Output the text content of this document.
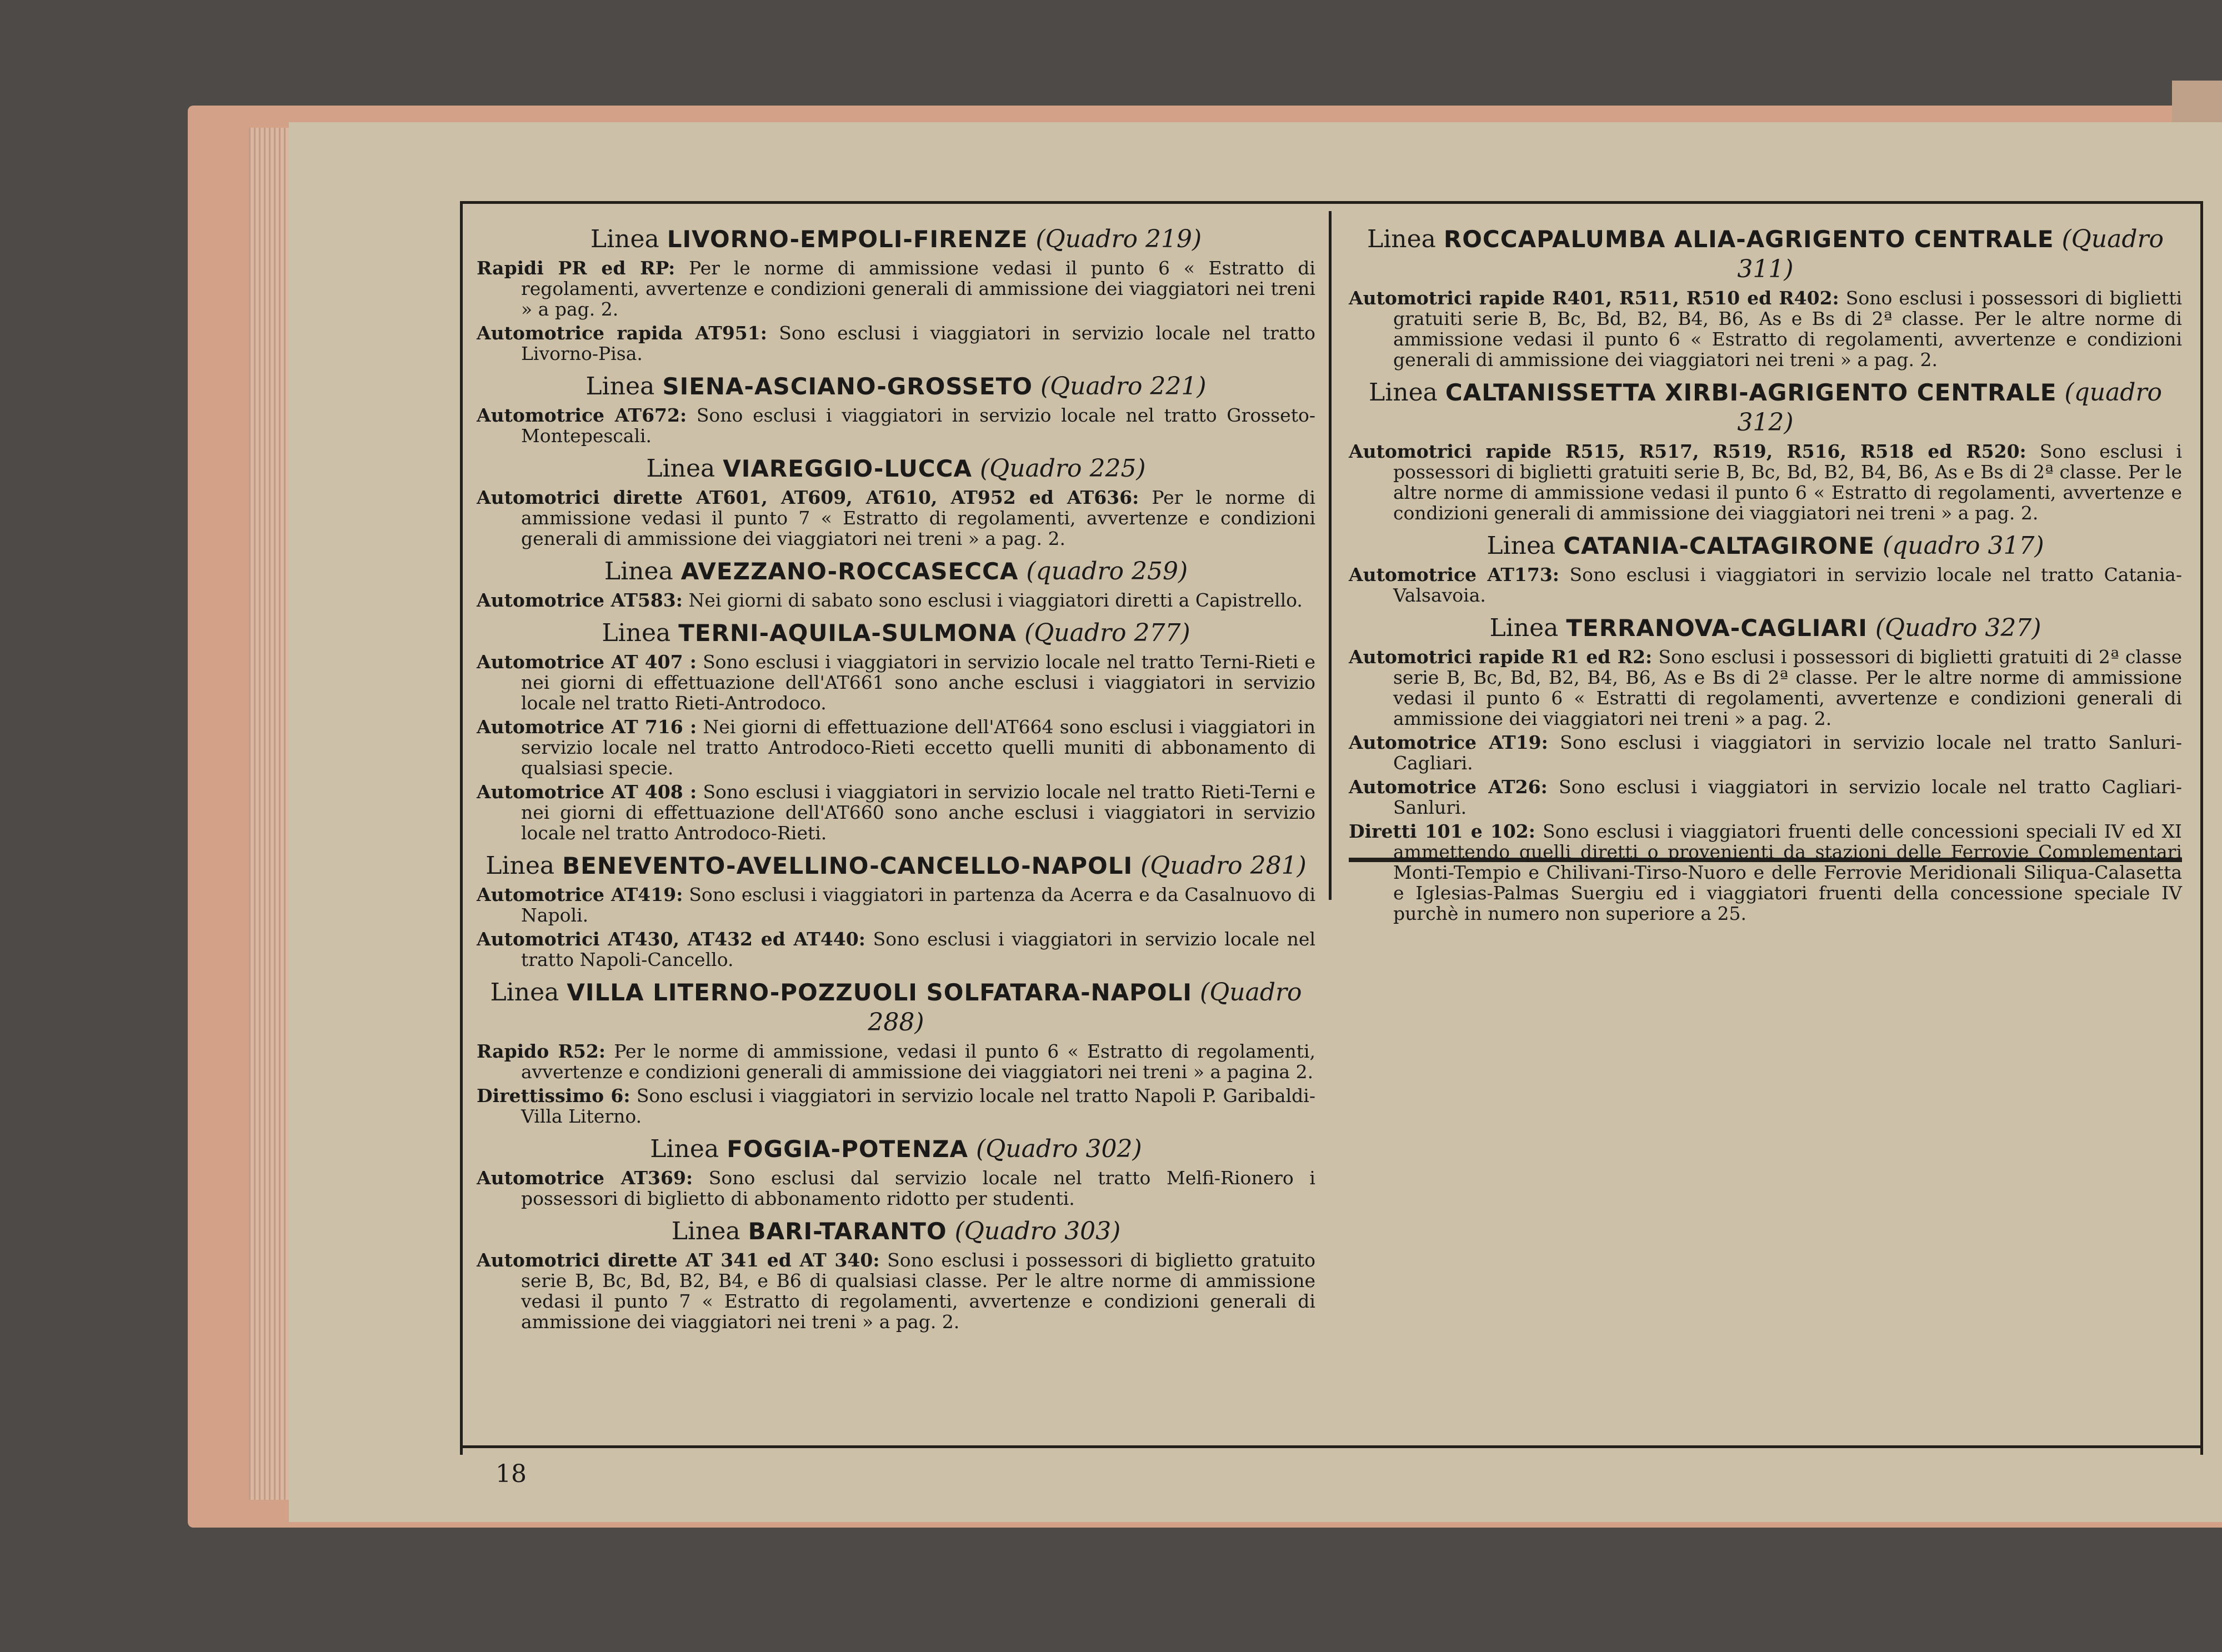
Linea LIVORNO-EMPOLI-FIRENZE (Quadro 219)
Rapidi PR ed RP: Per le norme di ammissione vedasi il punto 6 « Estratto di regolamenti, avvertenze e condizioni generali di ammissione dei viaggiatori nei treni » a pag. 2.
Automotrice rapida AT951: Sono esclusi i viaggiatori in servizio locale nel tratto Livorno-Pisa.
Linea SIENA-ASCIANO-GROSSETO (Quadro 221)
Automotrice AT672: Sono esclusi i viaggiatori in servizio locale nel tratto Grosseto-Montepescali.
Linea VIAREGGIO-LUCCA (Quadro 225)
Automotrici dirette AT601, AT609, AT610, AT952 ed AT636: Per le norme di ammissione vedasi il punto 7 « Estratto di regolamenti, avvertenze e condizioni generali di ammissione dei viaggiatori nei treni » a pag. 2.
Linea AVEZZANO-ROCCASECCA (quadro 259)
Automotrice AT583: Nei giorni di sabato sono esclusi i viaggiatori diretti a Capistrello.
Linea TERNI-AQUILA-SULMONA (Quadro 277)
Automotrice AT 407 : Sono esclusi i viaggiatori in servizio locale nel tratto Terni-Rieti e nei giorni di effettuazione dell'AT661 sono anche esclusi i viaggiatori in servizio locale nel tratto Rieti-Antrodoco.
Automotrice AT 716 : Nei giorni di effettuazione dell'AT664 sono esclusi i viaggiatori in servizio locale nel tratto Antrodoco-Rieti eccetto quelli muniti di abbonamento di qualsiasi specie.
Automotrice AT 408 : Sono esclusi i viaggiatori in servizio locale nel tratto Rieti-Terni e nei giorni di effettuazione dell'AT660 sono anche esclusi i viaggiatori in servizio locale nel tratto Antrodoco-Rieti.
Linea BENEVENTO-AVELLINO-CANCELLO-NAPOLI (Quadro 281)
Automotrice AT419: Sono esclusi i viaggiatori in partenza da Acerra e da Casalnuovo di Napoli.
Automotrici AT430, AT432 ed AT440: Sono esclusi i viaggiatori in servizio locale nel tratto Napoli-Cancello.
Linea VILLA LITERNO-POZZUOLI SOLFATARA-NAPOLI (Quadro 288)
Rapido R52: Per le norme di ammissione, vedasi il punto 6 « Estratto di regolamenti, avvertenze e condizioni generali di ammissione dei viaggiatori nei treni » a pagina 2.
Direttissimo 6: Sono esclusi i viaggiatori in servizio locale nel tratto Napoli P. Garibaldi-Villa Literno.
Linea FOGGIA-POTENZA (Quadro 302)
Automotrice AT369: Sono esclusi dal servizio locale nel tratto Melfi-Rionero i possessori di biglietto di abbonamento ridotto per studenti.
Linea BARI-TARANTO (Quadro 303)
Automotrici dirette AT 341 ed AT 340: Sono esclusi i possessori di biglietto gratuito serie B, Bc, Bd, B2, B4, e B6 di qualsiasi classe. Per le altre norme di ammissione vedasi il punto 7 « Estratto di regolamenti, avvertenze e condizioni generali di ammissione dei viaggiatori nei treni » a pag. 2.
Linea ROCCAPALUMBA ALIA-AGRIGENTO CENTRALE (Quadro 311)
Automotrici rapide R401, R511, R510 ed R402: Sono esclusi i possessori di biglietti gratuiti serie B, Bc, Bd, B2, B4, B6, As e Bs di 2ª classe. Per le altre norme di ammissione vedasi il punto 6 « Estratto di regolamenti, avvertenze e condizioni generali di ammissione dei viaggiatori nei treni » a pag. 2.
Linea CALTANISSETTA XIRBI-AGRIGENTO CENTRALE (quadro 312)
Automotrici rapide R515, R517, R519, R516, R518 ed R520: Sono esclusi i possessori di biglietti gratuiti serie B, Bc, Bd, B2, B4, B6, As e Bs di 2ª classe. Per le altre norme di ammissione vedasi il punto 6 « Estratto di regolamenti, avvertenze e condizioni generali di ammissione dei viaggiatori nei treni » a pag. 2.
Linea CATANIA-CALTAGIRONE (quadro 317)
Automotrice AT173: Sono esclusi i viaggiatori in servizio locale nel tratto Catania-Valsavoia.
Linea TERRANOVA-CAGLIARI (Quadro 327)
Automotrici rapide R1 ed R2: Sono esclusi i possessori di biglietti gratuiti di 2ª classe serie B, Bc, Bd, B2, B4, B6, As e Bs di 2ª classe. Per le altre norme di ammissione vedasi il punto 6 « Estratti di regolamenti, avvertenze e condizioni generali di ammissione dei viaggiatori nei treni » a pag. 2.
Automotrice AT19: Sono esclusi i viaggiatori in servizio locale nel tratto Sanluri-Cagliari.
Automotrice AT26: Sono esclusi i viaggiatori in servizio locale nel tratto Cagliari-Sanluri.
Diretti 101 e 102: Sono esclusi i viaggiatori fruenti delle concessioni speciali IV ed XI ammettendo quelli diretti o provenienti da stazioni delle Ferrovie Complementari Monti-Tempio e Chilivani-Tirso-Nuoro e delle Ferrovie Meridionali Siliqua-Calasetta e Iglesias-Palmas Suergiu ed i viaggiatori fruenti della concessione speciale IV purchè in numero non superiore a 25.
18
